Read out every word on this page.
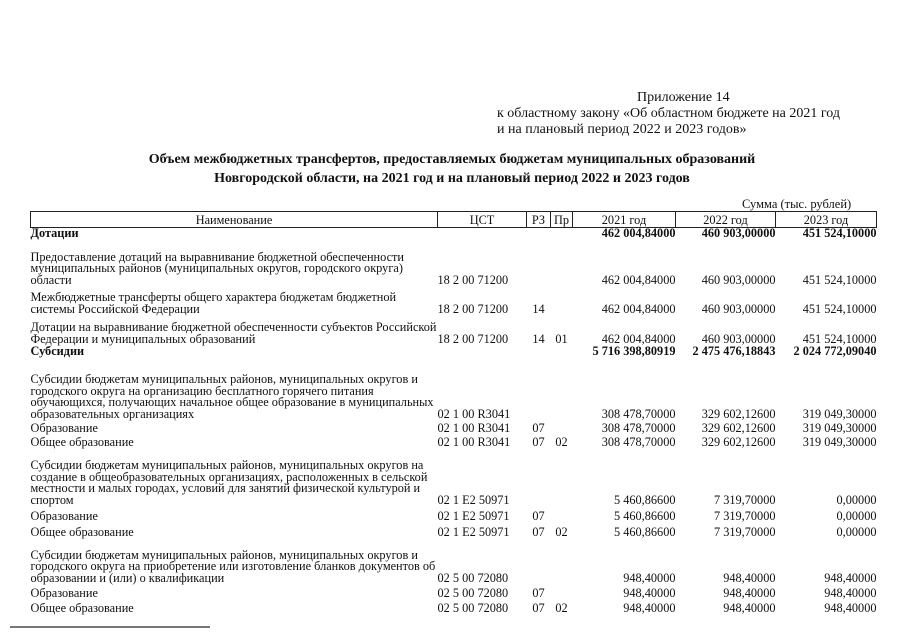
Приложение 14
к областному закону «Об областном бюджете на 2021 год
и на плановый период 2022 и 2023 годов»
Объем межбюджетных трансфертов, предоставляемых бюджетам муниципальных образований
Новгородской области, на 2021 год и на плановый период 2022 и 2023 годов
Сумма (тыс. рублей)
Наименование	ЦСТ	РЗ	Пр	2021 год	2022 год	2023 год
Дотации				462 004,84000	460 903,00000	451 524,10000
Предоставление дотаций на выравнивание бюджетной обеспеченности муниципальных районов (муниципальных округов, городского округа) области	18 2 00 71200			462 004,84000	460 903,00000	451 524,10000
Межбюджетные трансферты общего характера бюджетам бюджетной системы Российской Федерации	18 2 00 71200	14		462 004,84000	460 903,00000	451 524,10000
Дотации на выравнивание бюджетной обеспеченности субъектов Российской Федерации и муниципальных образований	18 2 00 71200	14	01	462 004,84000	460 903,00000	451 524,10000
Субсидии				5 716 398,80919	2 475 476,18843	2 024 772,09040
Субсидии бюджетам муниципальных районов, муниципальных округов и городского округа на организацию бесплатного горячего питания обучающихся, получающих начальное общее образование в муниципальных образовательных организациях	02 1 00 R3041			308 478,70000	329 602,12600	319 049,30000
Образование	02 1 00 R3041	07		308 478,70000	329 602,12600	319 049,30000
Общее образование	02 1 00 R3041	07	02	308 478,70000	329 602,12600	319 049,30000
Субсидии бюджетам муниципальных районов, муниципальных округов на создание в общеобразовательных организациях, расположенных в сельской местности и малых городах, условий для занятий физической культурой и спортом	02 1 E2 50971			5 460,86600	7 319,70000	0,00000
Образование	02 1 E2 50971	07		5 460,86600	7 319,70000	0,00000
Общее образование	02 1 E2 50971	07	02	5 460,86600	7 319,70000	0,00000
Субсидии бюджетам муниципальных районов, муниципальных округов и городского округа на приобретение или изготовление бланков документов об образовании и (или) о квалификации	02 5 00 72080			948,40000	948,40000	948,40000
Образование	02 5 00 72080	07		948,40000	948,40000	948,40000
Общее образование	02 5 00 72080	07	02	948,40000	948,40000	948,40000
